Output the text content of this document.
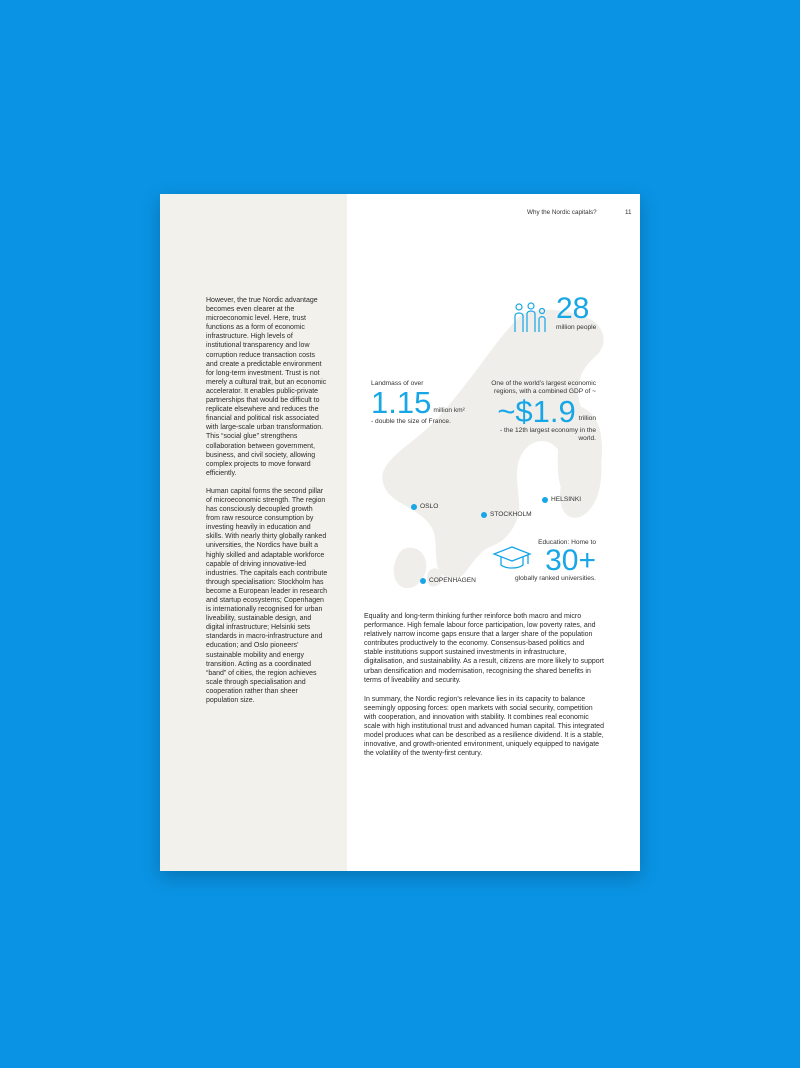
Why the Nordic capitals?	11

However, the true Nordic advantage becomes even clearer at the microeconomic level. Here, trust functions as a form of economic infrastructure. High levels of institutional transparency and low corruption reduce transaction costs and create a predictable environment for long-term investment. Trust is not merely a cultural trait, but an economic accelerator. It enables public-private partnerships that would be difficult to replicate elsewhere and reduces the financial and political risk associated with large-scale urban transformation. This “social glue” strengthens collaboration between government, business, and civil society, allowing complex projects to move forward efficiently.

Human capital forms the second pillar of microeconomic strength. The region has consciously decoupled growth from raw resource consumption by investing heavily in education and skills. With nearly thirty globally ranked universities, the Nordics have built a highly skilled and adaptable workforce capable of driving innovative-led industries. The capitals each contribute through specialisation: Stockholm has become a European leader in research and startup ecosystems; Copenhagen is internationally recognised for urban liveability, sustainable design, and digital infrastructure; Helsinki sets standards in macro-infrastructure and education; and Oslo pioneers’ sustainable mobility and energy transition. Acting as a coordinated “band” of cities, the region achieves scale through specialisation and cooperation rather than sheer population size.

28
million people
Landmass of over
1.15 million km²
- double the size of France.
One of the world’s largest economic regions, with a combined GDP of ~
~$1.9 trillion
- the 12th largest economy in the world.
OSLO
STOCKHOLM
HELSINKI
COPENHAGEN
Education: Home to
30+
globally ranked universities.

Equality and long-term thinking further reinforce both macro and micro performance. High female labour force participation, low poverty rates, and relatively narrow income gaps ensure that a larger share of the population contributes productively to the economy. Consensus-based politics and stable institutions support sustained investments in infrastructure, digitalisation, and sustainability. As a result, citizens are more likely to support urban densification and modernisation, recognising the shared benefits in terms of liveability and security.

In summary, the Nordic region’s relevance lies in its capacity to balance seemingly opposing forces: open markets with social security, competition with cooperation, and innovation with stability. It combines real economic scale with high institutional trust and advanced human capital. This integrated model produces what can be described as a resilience dividend. It is a stable, innovative, and growth-oriented environment, uniquely equipped to navigate the volatility of the twenty-first century.
